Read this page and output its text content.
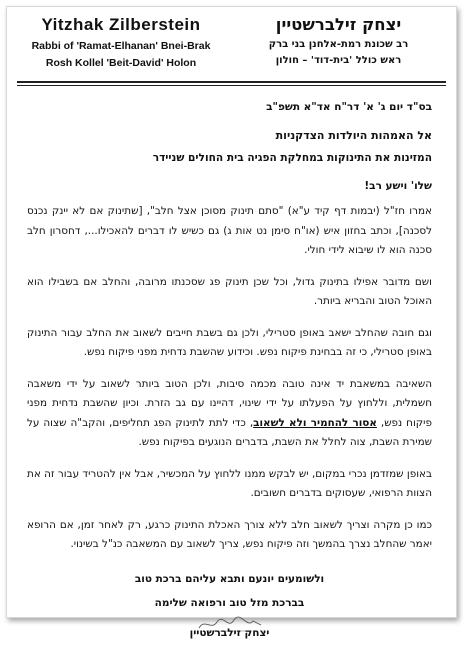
Yitzhak Zilberstein
Rabbi of 'Ramat-Elhanan' Bnei-Brak
Rosh Kollel 'Beit-David' Holon
יצחק זילברשטיין
רב שכונת רמת-אלחנן בני ברק
ראש כולל 'בית-דוד' – חולון
בס"ד יום ג' א' דר"ח אד"א תשפ"ב
אל האמהות היולדות הצדקניות
המזינות את התינוקות במחלקת הפגיה בית החולים שניידר
שלו' וישע רב!

אמרו חז"ל (יבמות דף קיד ע"א) "סתם תינוק מסוכן אצל חלב", [שתינוק אם לא יינק נכנס לסכנה], וכתב בחזון איש (או"ח סימן נט אות ג) גם כשיש לו דברים להאכילו..., דחסרון חלב סכנה הוא לו שיבוא לידי חולי.

ושם מדובר אפילו בתינוק גדול, וכל שכן תינוק פג שסכנתו מרובה, והחלב אם בשבילו הוא האוכל הטוב והבריא ביותר.

וגם חובה שהחלב ישאב באופן סטרילי, ולכן גם בשבת חייבים לשאוב את החלב עבור התינוק באופן סטרילי, כי זה בבחינת פיקוח נפש. וכידוע שהשבת נדחית מפני פיקוח נפש.

השאיבה במשאבת יד אינה טובה מכמה סיבות, ולכן הטוב ביותר לשאוב על ידי משאבה חשמלית, וללחוץ על הפעלתו על ידי שינוי, דהיינו עם גב הזרת. וכיון שהשבת נדחית מפני פיקוח נפש, אסור להחמיר ולא לשאוב, כדי לתת לתינוק הפג תחליפים, והקב"ה שצוה על שמירת השבת, צוה לחלל את השבת, בדברים הנוגעים בפיקוח נפש.

באופן שמזדמן נכרי במקום, יש לבקש ממנו ללחוץ על המכשיר, אבל אין להטריד עבור זה את הצוות הרפואי, שעסוקים בדברים חשובים.

כמו כן מקרה וצריך לשאוב חלב ללא צורך האכלת התינוק כרגע, רק לאחר זמן, אם הרופא יאמר שהחלב נצרך בהמשך וזה פיקוח נפש, צריך לשאוב עם המשאבה כנ"ל בשינוי.

ולשומעים יונעם ותבא עליהם ברכת טוב
בברכת מזל טוב ורפואה שלימה
יצחק זילברשטיין
